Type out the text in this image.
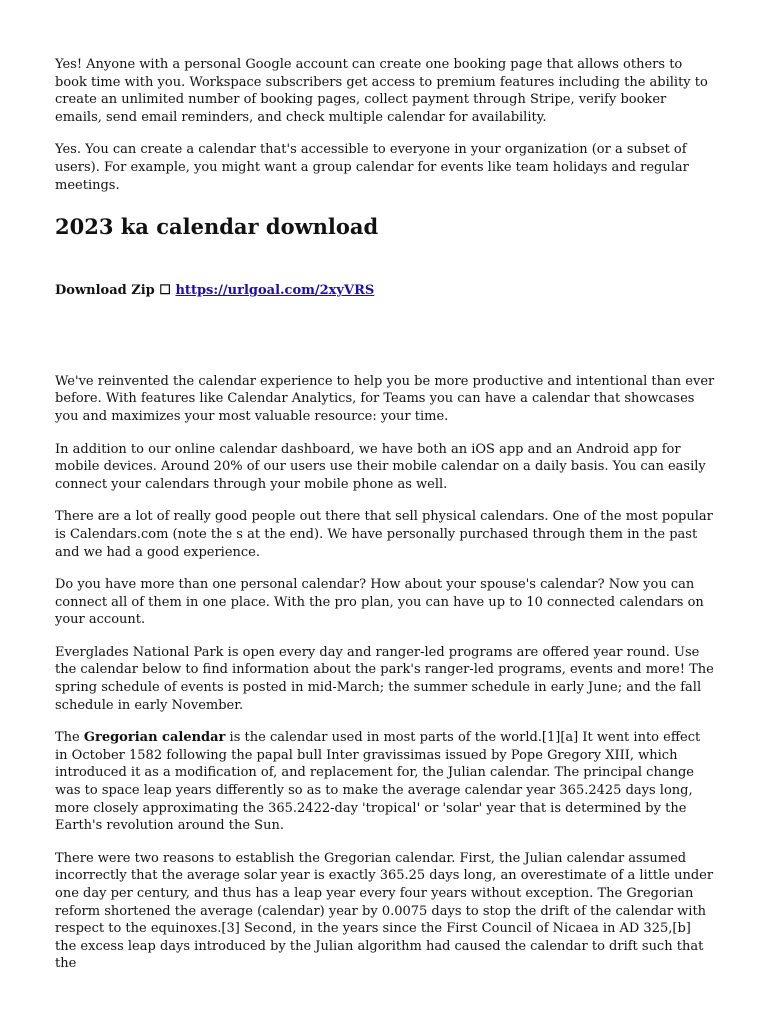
Yes! Anyone with a personal Google account can create one booking page that allows others to book time with you. Workspace subscribers get access to premium features including the ability to create an unlimited number of booking pages, collect payment through Stripe, verify booker emails, send email reminders, and check multiple calendar for availability.

Yes. You can create a calendar that's accessible to everyone in your organization (or a subset of users). For example, you might want a group calendar for events like team holidays and regular meetings.

2023 ka calendar download

Download Zip ☐ https://urlgoal.com/2xyVRS

We've reinvented the calendar experience to help you be more productive and intentional than ever before. With features like Calendar Analytics, for Teams you can have a calendar that showcases you and maximizes your most valuable resource: your time.

In addition to our online calendar dashboard, we have both an iOS app and an Android app for mobile devices. Around 20% of our users use their mobile calendar on a daily basis. You can easily connect your calendars through your mobile phone as well.

There are a lot of really good people out there that sell physical calendars. One of the most popular is Calendars.com (note the s at the end). We have personally purchased through them in the past and we had a good experience.

Do you have more than one personal calendar? How about your spouse's calendar? Now you can connect all of them in one place. With the pro plan, you can have up to 10 connected calendars on your account.

Everglades National Park is open every day and ranger-led programs are offered year round. Use the calendar below to find information about the park's ranger-led programs, events and more! The spring schedule of events is posted in mid-March; the summer schedule in early June; and the fall schedule in early November.

The Gregorian calendar is the calendar used in most parts of the world.[1][a] It went into effect in October 1582 following the papal bull Inter gravissimas issued by Pope Gregory XIII, which introduced it as a modification of, and replacement for, the Julian calendar. The principal change was to space leap years differently so as to make the average calendar year 365.2425 days long, more closely approximating the 365.2422-day 'tropical' or 'solar' year that is determined by the Earth's revolution around the Sun.

There were two reasons to establish the Gregorian calendar. First, the Julian calendar assumed incorrectly that the average solar year is exactly 365.25 days long, an overestimate of a little under one day per century, and thus has a leap year every four years without exception. The Gregorian reform shortened the average (calendar) year by 0.0075 days to stop the drift of the calendar with respect to the equinoxes.[3] Second, in the years since the First Council of Nicaea in AD 325,[b] the excess leap days introduced by the Julian algorithm had caused the calendar to drift such that the
